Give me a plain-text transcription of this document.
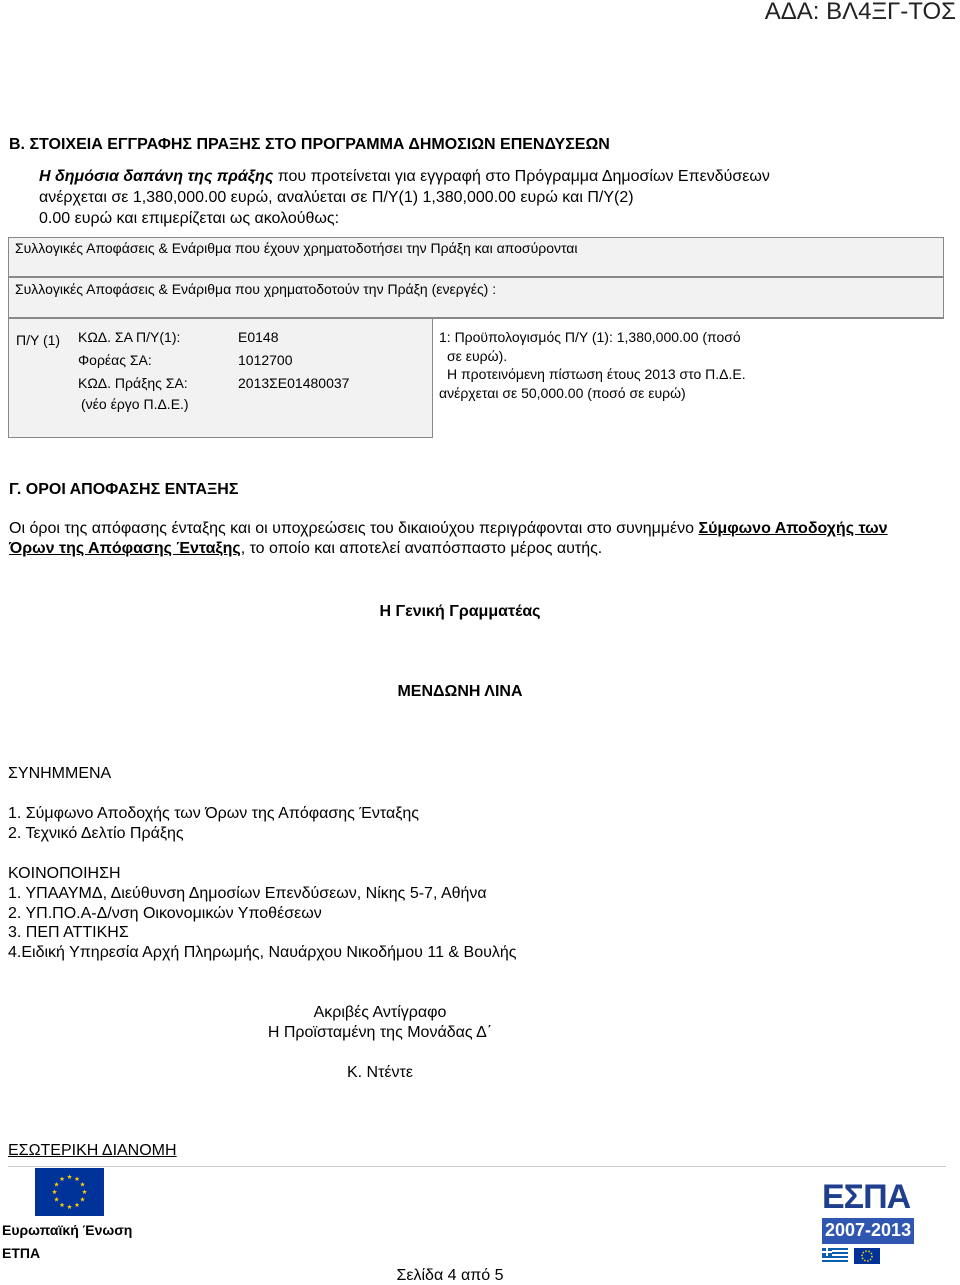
ΑΔΑ: ΒΛ4ΞΓ-ΤΟΣ
Β. ΣΤΟΙΧΕΙΑ ΕΓΓΡΑΦΗΣ ΠΡΑΞΗΣ ΣΤΟ ΠΡΟΓΡΑΜΜΑ ΔΗΜΟΣΙΩΝ ΕΠΕΝΔΥΣΕΩΝ
Η δημόσια δαπάνη της πράξης που προτείνεται για εγγραφή στο Πρόγραμμα Δημοσίων Επενδύσεων
ανέρχεται σε 1,380,000.00 ευρώ, αναλύεται σε Π/Υ(1) 1,380,000.00 ευρώ και Π/Υ(2)
0.00 ευρώ και επιμερίζεται ως ακολούθως:
Συλλογικές Αποφάσεις & Ενάριθμα που έχουν χρηματοδοτήσει την Πράξη και αποσύρονται
Συλλογικές Αποφάσεις & Ενάριθμα που χρηματοδοτούν την Πράξη (ενεργές) :
Π/Υ (1) ΚΩΔ. ΣΑ Π/Υ(1):	Ε0148
Φορέας ΣΑ:	1012700
ΚΩΔ. Πράξης ΣΑ:	2013ΣΕ01480037
(νέο έργο Π.Δ.Ε.)
1: Προϋπολογισμός Π/Υ (1): 1,380,000.00 (ποσό
σε ευρώ).
Η προτεινόμενη πίστωση έτους 2013 στο Π.Δ.Ε.
ανέρχεται σε 50,000.00 (ποσό σε ευρώ)
Γ. ΟΡΟΙ ΑΠΟΦΑΣΗΣ ΕΝΤΑΞΗΣ
Οι όροι της απόφασης ένταξης και οι υποχρεώσεις του δικαιούχου περιγράφονται στο συνημμένο Σύμφωνο Αποδοχής των
Όρων της Απόφασης Ένταξης, το οποίο και αποτελεί αναπόσπαστο μέρος αυτής.
Η Γενική Γραμματέας
ΜΕΝΔΩΝΗ ΛΙΝΑ
ΣΥΝΗΜΜΕΝΑ
1. Σύμφωνο Αποδοχής των Όρων της Απόφασης Ένταξης
2. Τεχνικό Δελτίο Πράξης
ΚΟΙΝΟΠΟΙΗΣΗ
1. ΥΠΑΑΥΜΔ, Διεύθυνση Δημοσίων Επενδύσεων, Νίκης 5-7, Αθήνα
2. ΥΠ.ΠΟ.Α-Δ/νση Οικονομικών Υποθέσεων
3. ΠΕΠ ΑΤΤΙΚΗΣ
4.Ειδική Υπηρεσία Αρχή Πληρωμής, Ναυάρχου Νικοδήμου 11 & Βουλής
Ακριβές Αντίγραφο
Η Προϊσταμένη της Μονάδας Δ΄
Κ. Ντέντε
ΕΣΩΤΕΡΙΚΗ ΔΙΑΝΟΜΗ
Ευρωπαϊκή Ένωση
ΕΤΠΑ
ΕΣΠΑ
2007-2013
Σελίδα 4 από 5
